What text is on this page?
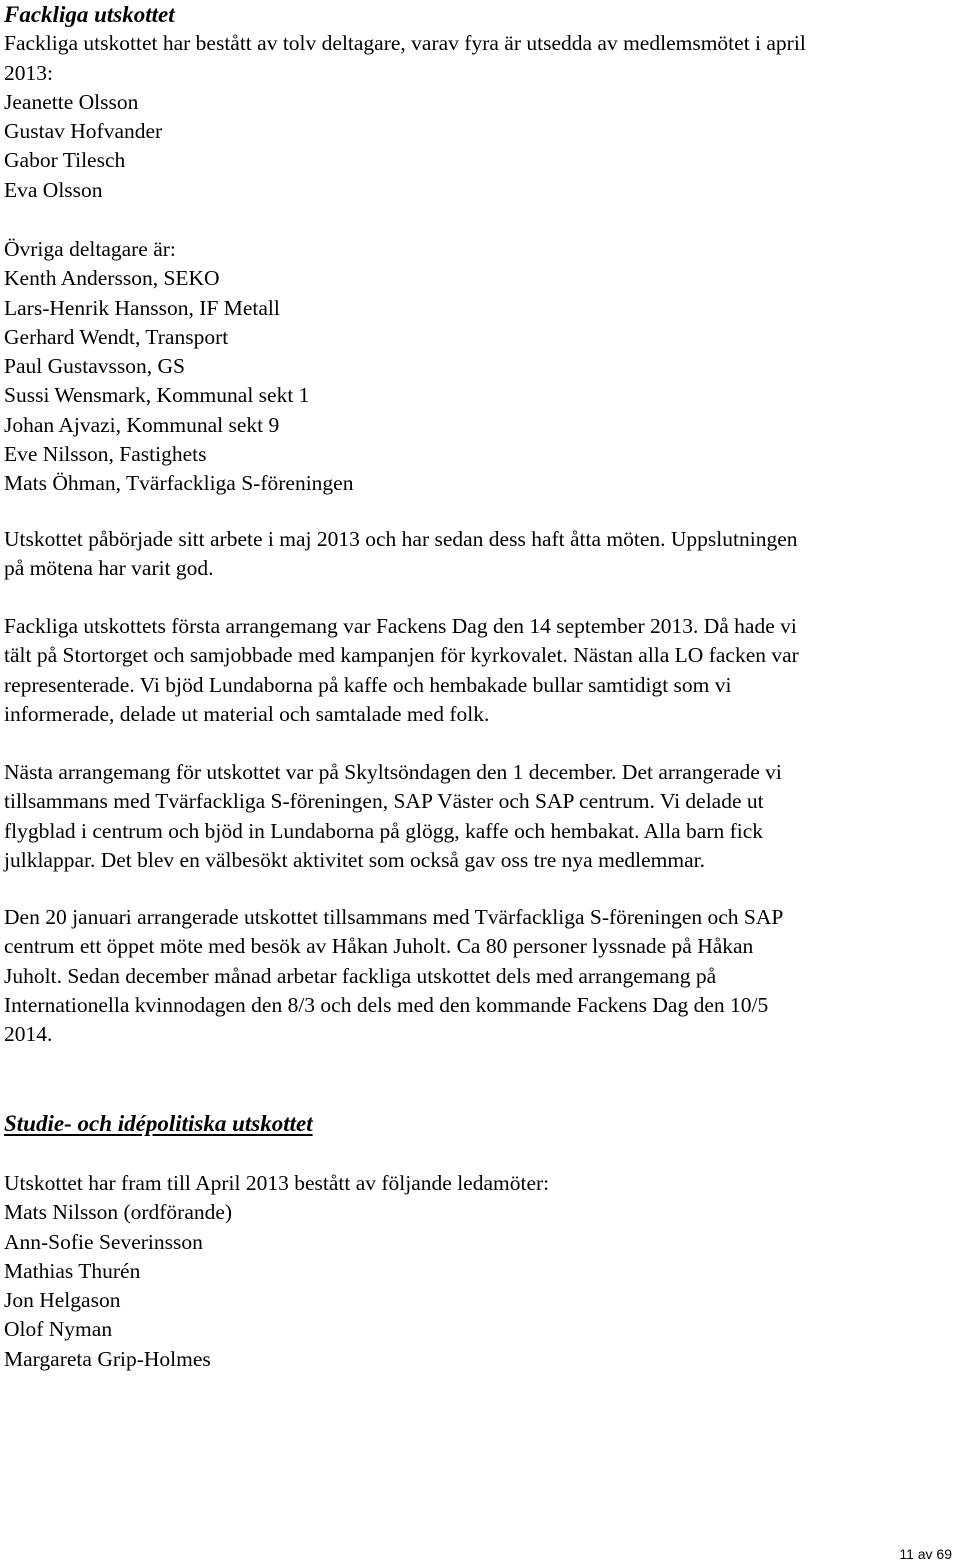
Fackliga utskottet

Fackliga utskottet har bestått av tolv deltagare, varav fyra är utsedda av medlemsmötet i april

2013:

Jeanette Olsson

Gustav Hofvander

Gabor Tilesch

Eva Olsson

Övriga deltagare är:

Kenth Andersson, SEKO

Lars-Henrik Hansson, IF Metall

Gerhard Wendt, Transport

Paul Gustavsson, GS

Sussi Wensmark, Kommunal sekt 1

Johan Ajvazi, Kommunal sekt 9

Eve Nilsson, Fastighets

Mats Öhman, Tvärfackliga S-föreningen

Utskottet påbörjade sitt arbete i maj 2013 och har sedan dess haft åtta möten. Uppslutningen

på mötena har varit god.

Fackliga utskottets första arrangemang var Fackens Dag den 14 september 2013. Då hade vi

tält på Stortorget och samjobbade med kampanjen för kyrkovalet. Nästan alla LO facken var

representerade. Vi bjöd Lundaborna på kaffe och hembakade bullar samtidigt som vi

informerade, delade ut material och samtalade med folk.

Nästa arrangemang för utskottet var på Skyltsöndagen den 1 december. Det arrangerade vi

tillsammans med Tvärfackliga S-föreningen, SAP Väster och SAP centrum. Vi delade ut

flygblad i centrum och bjöd in Lundaborna på glögg, kaffe och hembakat. Alla barn fick

julklappar. Det blev en välbesökt aktivitet som också gav oss tre nya medlemmar.

Den 20 januari arrangerade utskottet tillsammans med Tvärfackliga S-föreningen och SAP

centrum ett öppet möte med besök av Håkan Juholt. Ca 80 personer lyssnade på Håkan

Juholt. Sedan december månad arbetar fackliga utskottet dels med arrangemang på

Internationella kvinnodagen den 8/3 och dels med den kommande Fackens Dag den 10/5

2014.

Studie- och idépolitiska utskottet

Utskottet har fram till April 2013 bestått av följande ledamöter:

Mats Nilsson (ordförande)

Ann-Sofie Severinsson

Mathias Thurén

Jon Helgason

Olof Nyman

Margareta Grip-Holmes

11 av 69
